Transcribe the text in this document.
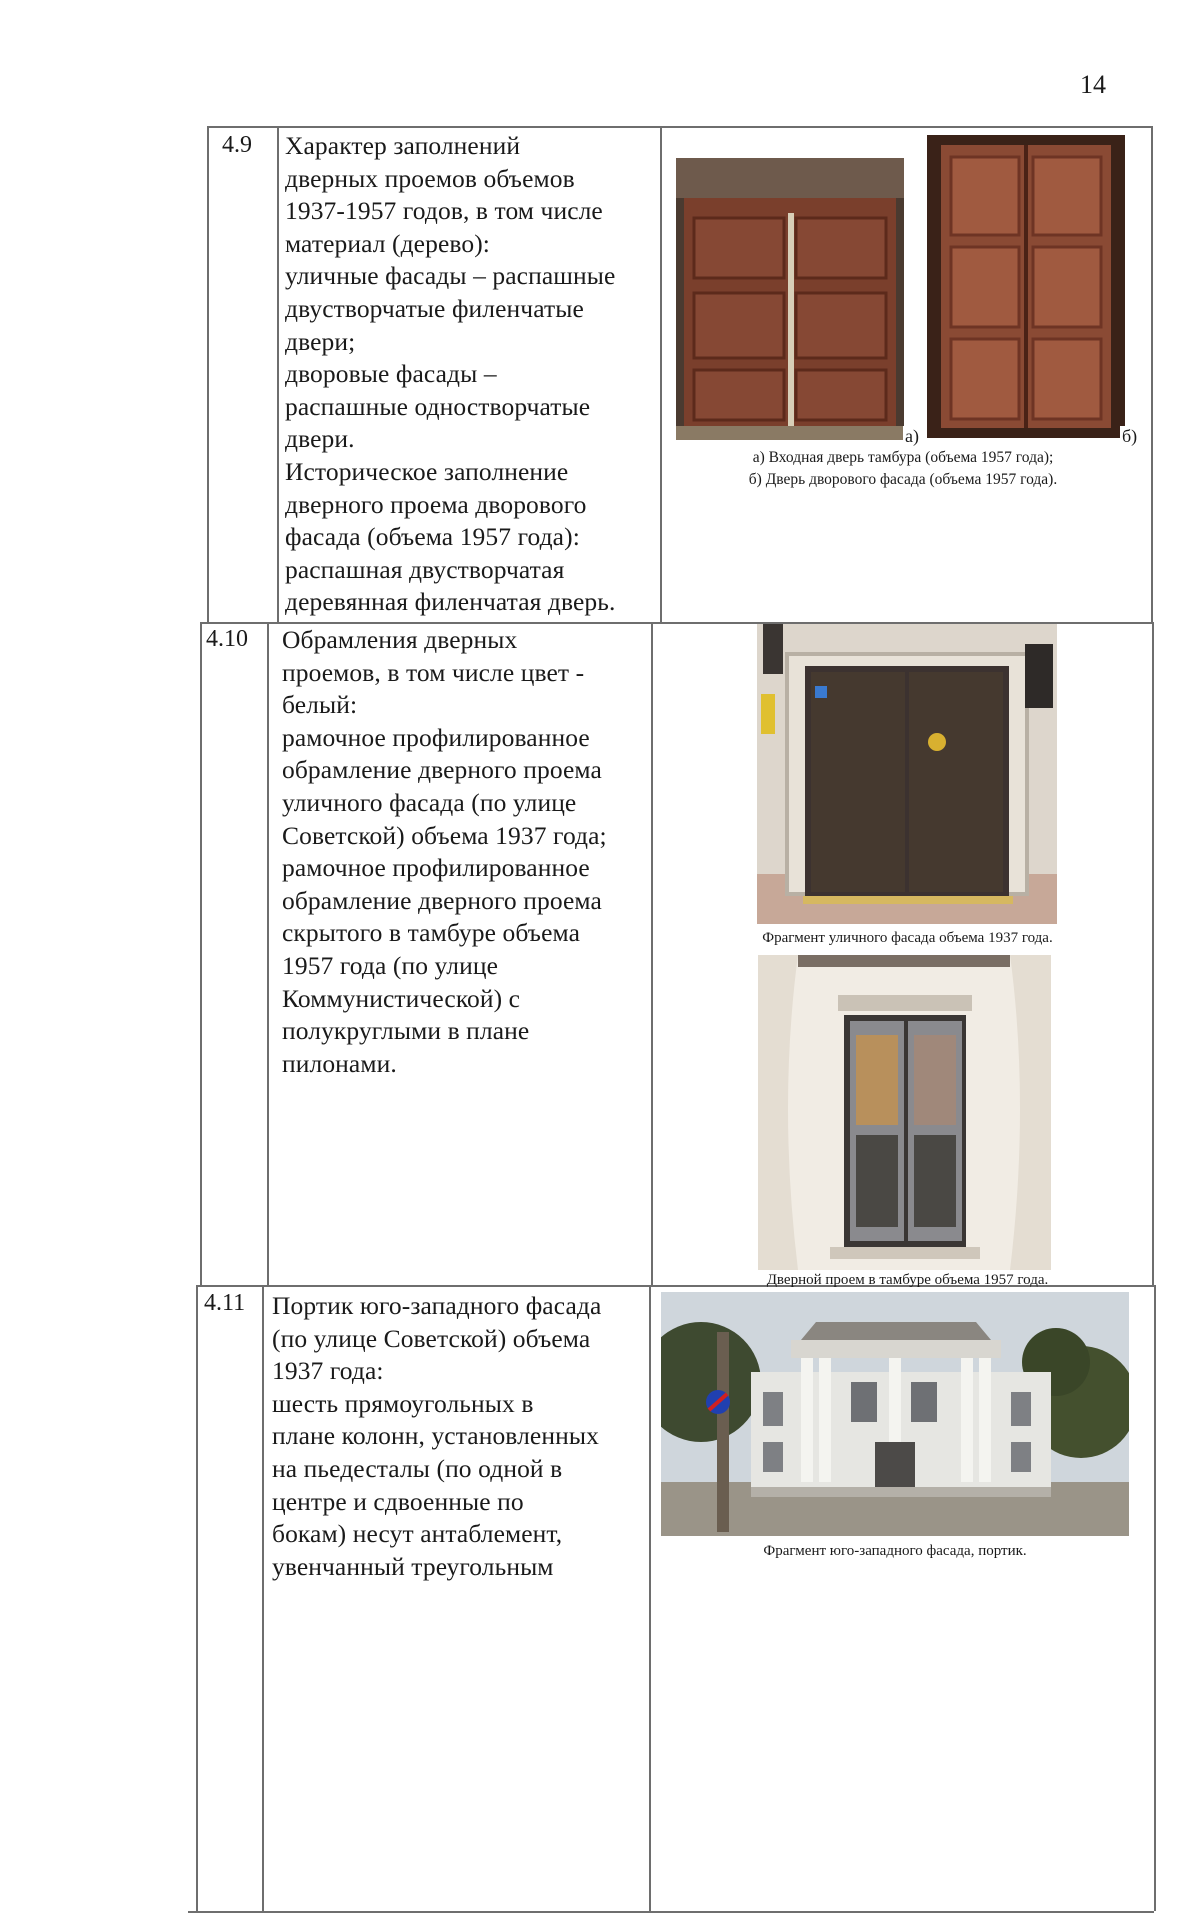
14
4.9 Характер заполнений
дверных проемов объемов
1937-1957 годов, в том числе
материал (дерево):
уличные фасады – распашные
двустворчатые филенчатые
двери;
дворовые фасады –
распашные одностворчатые
двери.
Историческое заполнение
дверного проема дворового
фасада (объема 1957 года):
распашная двустворчатая
деревянная филенчатая дверь.
а)	б)
а) Входная дверь тамбура (объема 1957 года);
б) Дверь дворового фасада (объема 1957 года).
4.10 Обрамления дверных
проемов, в том числе цвет -
белый:
рамочное профилированное
обрамление дверного проема
уличного фасада (по улице
Советской) объема 1937 года;
рамочное профилированное
обрамление дверного проема
скрытого в тамбуре объема
1957 года (по улице
Коммунистической) с
полукруглыми в плане
пилонами.
Фрагмент уличного фасада объема 1937 года.
Дверной проем в тамбуре объема 1957 года.
4.11 Портик юго-западного фасада
(по улице Советской) объема
1937 года:
шесть прямоугольных в
плане колонн, установленных
на пьедесталы (по одной в
центре и сдвоенные по
бокам) несут антаблемент,
увенчанный треугольным
Фрагмент юго-западного фасада, портик.
